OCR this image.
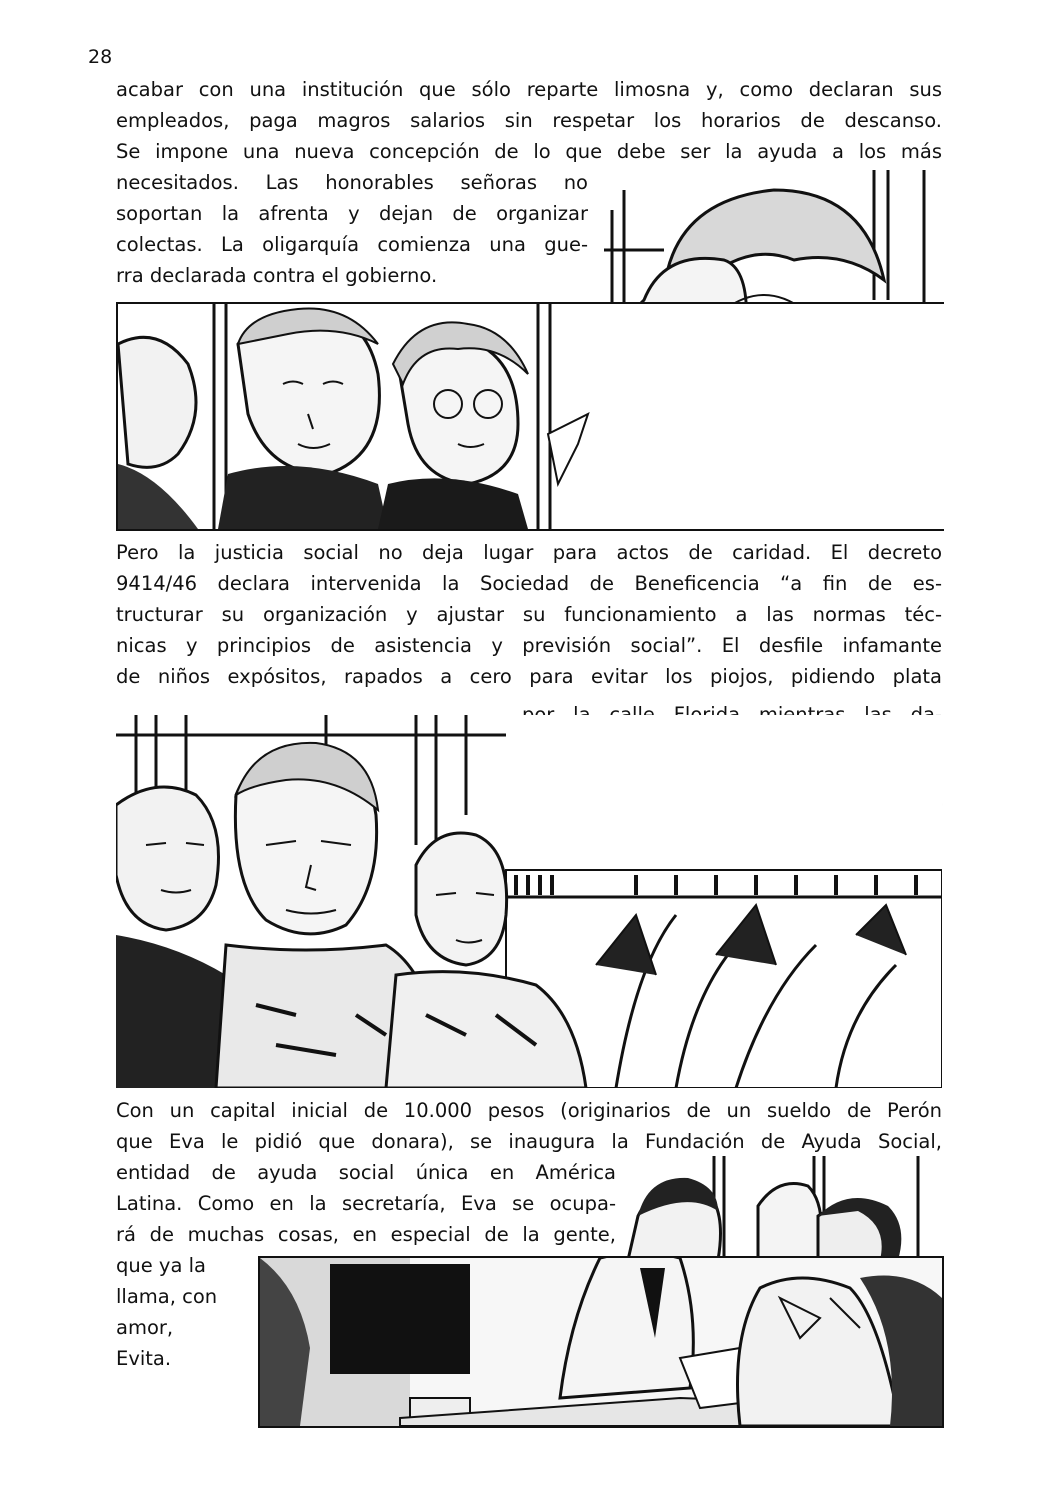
28
acabar con una institución que sólo reparte limosna y, como declaran sus
empleados, paga magros salarios sin respetar los horarios de descanso.
Se impone una nueva concepción de lo que debe ser la ayuda a los más
necesitados. Las honorables señoras no
soportan la afrenta y dejan de organizar
colectas. La oligarquía comienza una gue-
rra declarada contra el gobierno.
Pero la justicia social no deja lugar para actos de caridad. El decreto
9414/46 declara intervenida la Sociedad de Beneficencia “a fin de es-
tructurar su organización y ajustar su funcionamiento a las normas téc-
nicas y principios de asistencia y previsión social”. El desfile infamante
de niños expósitos, rapados a cero para evitar los piojos, pidiendo plata
Con un capital inicial de 10.000 pesos (originarios de un sueldo de Perón
que Eva le pidió que donara), se inaugura la Fundación de Ayuda Social,
entidad de ayuda social única en América
Latina. Como en la secretaría, Eva se ocupa-
rá de muchas cosas, en especial de la gente,
que ya la
llama, con
amor,
Evita.
